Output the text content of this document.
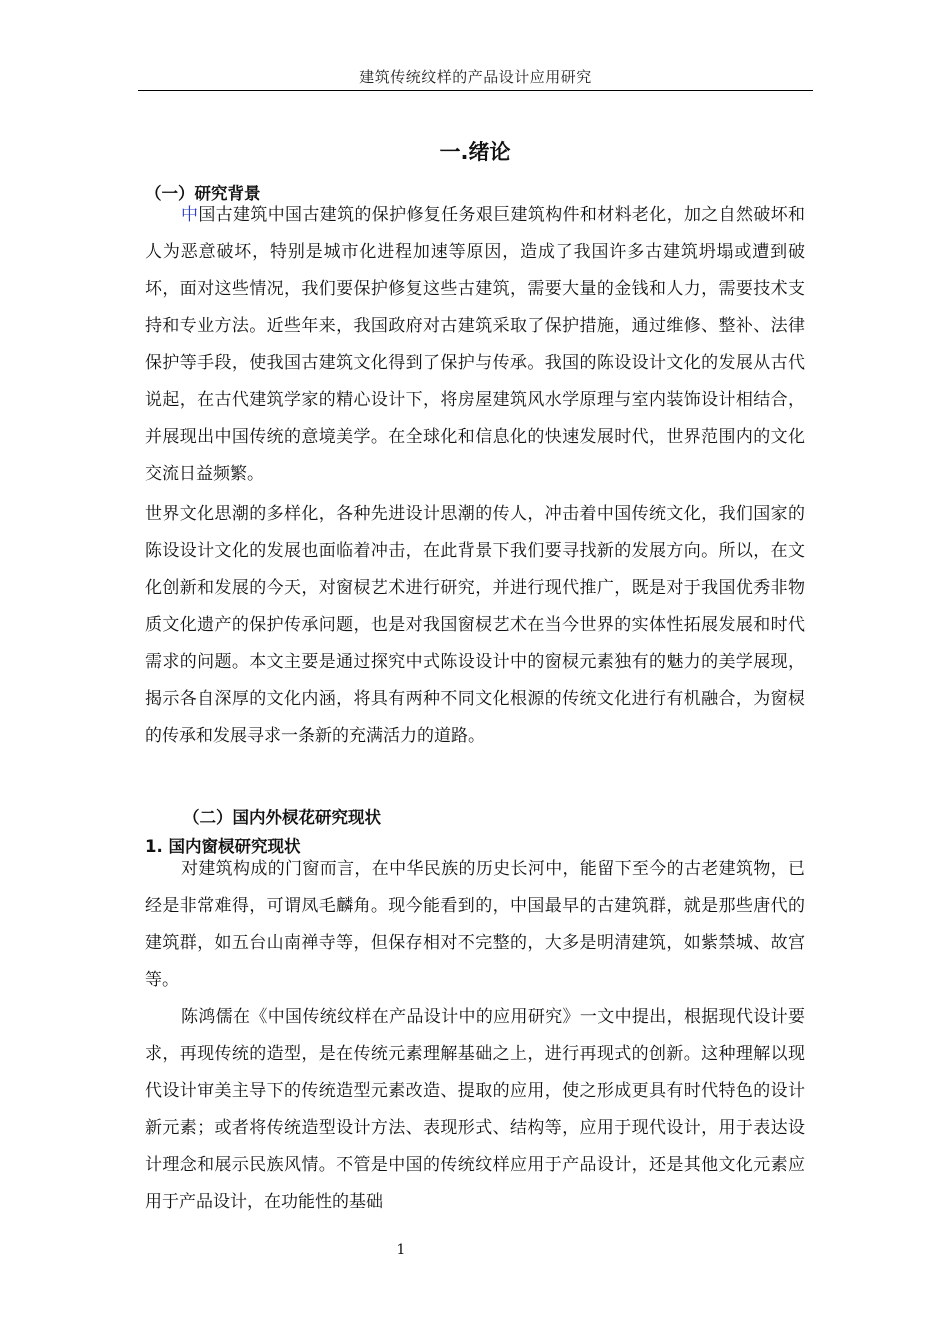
建筑传统纹样的产品设计应用研究
一.绪论
（一）研究背景

中国古建筑中国古建筑的保护修复任务艰巨建筑构件和材料老化，加之自然破坏和人为恶意破坏，特别是城市化进程加速等原因，造成了我国许多古建筑坍塌或遭到破坏，面对这些情况，我们要保护修复这些古建筑，需要大量的金钱和人力，需要技术支持和专业方法。近些年来，我国政府对古建筑采取了保护措施，通过维修、整补、法律保护等手段，使我国古建筑文化得到了保护与传承。我国的陈设设计文化的发展从古代说起，在古代建筑学家的精心设计下，将房屋建筑风水学原理与室内装饰设计相结合，并展现出中国传统的意境美学。在全球化和信息化的快速发展时代，世界范围内的文化交流日益频繁。

世界文化思潮的多样化，各种先进设计思潮的传人，冲击着中国传统文化，我们国家的陈设设计文化的发展也面临着冲击，在此背景下我们要寻找新的发展方向。所以，在文化创新和发展的今天，对窗棂艺术进行研究，并进行现代推广，既是对于我国优秀非物质文化遗产的保护传承问题，也是对我国窗棂艺术在当今世界的实体性拓展发展和时代需求的问题。本文主要是通过探究中式陈设设计中的窗棂元素独有的魅力的美学展现，揭示各自深厚的文化内涵，将具有两种不同文化根源的传统文化进行有机融合，为窗棂的传承和发展寻求一条新的充满活力的道路。

（二）国内外棂花研究现状
1. 国内窗棂研究现状

对建筑构成的门窗而言，在中华民族的历史长河中，能留下至今的古老建筑物，已经是非常难得，可谓凤毛麟角。现今能看到的，中国最早的古建筑群，就是那些唐代的建筑群，如五台山南禅寺等，但保存相对不完整的，大多是明清建筑，如紫禁城、故宫等。

陈鸿儒在《中国传统纹样在产品设计中的应用研究》一文中提出，根据现代设计要求，再现传统的造型，是在传统元素理解基础之上，进行再现式的创新。这种理解以现代设计审美主导下的传统造型元素改造、提取的应用，使之形成更具有时代特色的设计新元素；或者将传统造型设计方法、表现形式、结构等，应用于现代设计，用于表达设计理念和展示民族风情。不管是中国的传统纹样应用于产品设计，还是其他文化元素应用于产品设计，在功能性的基础

1
